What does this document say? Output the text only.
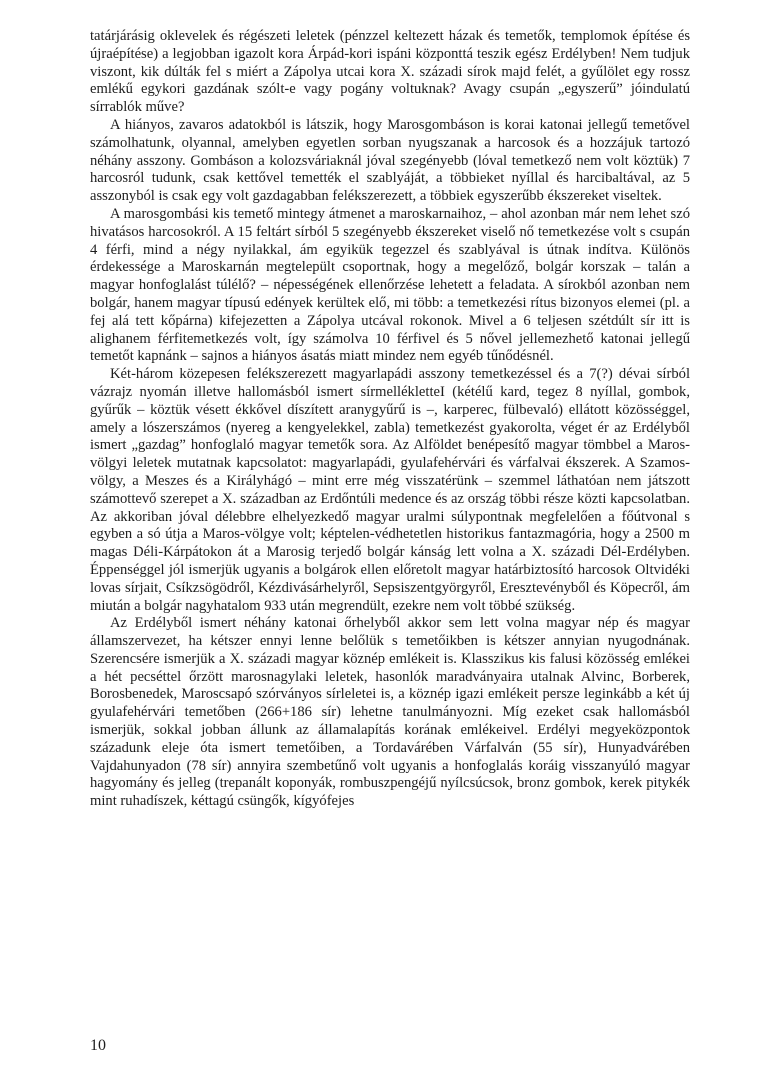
tatárjárásig oklevelek és régészeti leletek (pénzzel keltezett házak és temetők, templomok építése és újraépítése) a legjobban igazolt kora Árpád-kori ispáni központtá teszik egész Erdélyben! Nem tudjuk viszont, kik dúlták fel s miért a Zápolya utcai kora X. századi sírok majd felét, a gyűlölet egy rossz emlékű egykori gazdának szólt-e vagy pogány voltuknak? Avagy csupán „egyszerű” jóindulatú sírrablók műve?

A hiányos, zavaros adatokból is látszik, hogy Marosgombáson is korai katonai jellegű temetővel számolhatunk, olyannal, amelyben egyetlen sorban nyugszanak a harcosok és a hozzájuk tartozó néhány asszony. Gombáson a kolozsváriaknál jóval szegényebb (lóval temetkező nem volt köztük) 7 harcosról tudunk, csak kettővel temették el szablyáját, a többieket nyíllal és harcibaltával, az 5 asszonyból is csak egy volt gazdagabban felékszerezett, a többiek egyszerűbb ékszereket viseltek.

A marosgombási kis temető mintegy átmenet a maroskarnaihoz, – ahol azonban már nem lehet szó hivatásos harcosokról. A 15 feltárt sírból 5 szegényebb ékszereket viselő nő temetkezése volt s csupán 4 férfi, mind a négy nyilakkal, ám egyikük tegezzel és szablyával is útnak indítva. Különös érdekessége a Maroskarnán megtelepült csoportnak, hogy a megelőző, bolgár korszak – talán a magyar honfoglalást túlélő? – népességének ellenőrzése lehetett a feladata. A sírokból azonban nem bolgár, hanem magyar típusú edények kerültek elő, mi több: a temetkezési rítus bizonyos elemei (pl. a fej alá tett kőpárna) kifejezetten a Zápolya utcával rokonok. Mivel a 6 teljesen szétdúlt sír itt is alighanem férfitemetkezés volt, így számolva 10 férfivel és 5 nővel jellemezhető katonai jellegű temetőt kapnánk – sajnos a hiányos ásatás miatt mindez nem egyéb tűnődésnél.

Két-három közepesen felékszerezett magyarlapádi asszony temetkezéssel és a 7(?) dévai sírból vázrajz nyomán illetve hallomásból ismert sírmellékletteI (kétélű kard, tegez 8 nyíllal, gombok, gyűrűk – köztük vésett ékkővel díszített aranygyűrű is –, karperec, fülbevaló) ellátott közösséggel, amely a lószerszámos (nyereg a kengyelekkel, zabla) temetkezést gyakorolta, véget ér az Erdélyből ismert „gazdag” honfoglaló magyar temetők sora. Az Alföldet benépesítő magyar tömbbel a Maros-völgyi leletek mutatnak kapcsolatot: magyarlapádi, gyulafehérvári és várfalvai ékszerek. A Szamos-völgy, a Meszes és a Királyhágó – mint erre még visszatérünk – szemmel láthatóan nem játszott számottevő szerepet a X. században az Erdőntúli medence és az ország többi része közti kapcsolatban. Az akkoriban jóval délebbre elhelyezkedő magyar uralmi súlypontnak megfelelően a főútvonal s egyben a só útja a Maros-völgye volt; képtelen-védhetetlen historikus fantazmagória, hogy a 2500 m magas Déli-Kárpátokon át a Marosig terjedő bolgár kánság lett volna a X. századi Dél-Erdélyben. Éppenséggel jól ismerjük ugyanis a bolgárok ellen előretolt magyar határbiztosító harcosok Oltvidéki lovas sírjait, Csíkzsögödről, Kézdivásárhelyről, Sepsiszentgyörgyről, Eresztevényből és Köpecről, ám miután a bolgár nagyhatalom 933 után megrendült, ezekre nem volt többé szükség.

Az Erdélyből ismert néhány katonai őrhelyből akkor sem lett volna magyar nép és magyar államszervezet, ha kétszer ennyi lenne belőlük s temetőikben is kétszer annyian nyugodnának. Szerencsére ismerjük a X. századi magyar köznép emlékeit is. Klasszikus kis falusi közösség emlékei a hét pecséttel őrzött marosnagylaki leletek, hasonlók maradványaira utalnak Alvinc, Borberek, Borosbenedek, Maroscsapó szórványos sírleletei is, a köznép igazi emlékeit persze leginkább a két új gyulafehérvári temetőben (266+186 sír) lehetne tanulmányozni. Míg ezeket csak hallomásból ismerjük, sokkal jobban állunk az államalapítás korának emlékeivel. Erdélyi megyeközpontok századunk eleje óta ismert temetőiben, a Tordavárében Várfalván (55 sír), Hunyadvárében Vajdahunyadon (78 sír) annyira szembetűnő volt ugyanis a honfoglalás koráig visszanyúló magyar hagyomány és jelleg (trepanált koponyák, rombuszpengéjű nyílcsúcsok, bronz gombok, kerek pitykék mint ruhadíszek, kéttagú csüngők, kígyófejes

10
